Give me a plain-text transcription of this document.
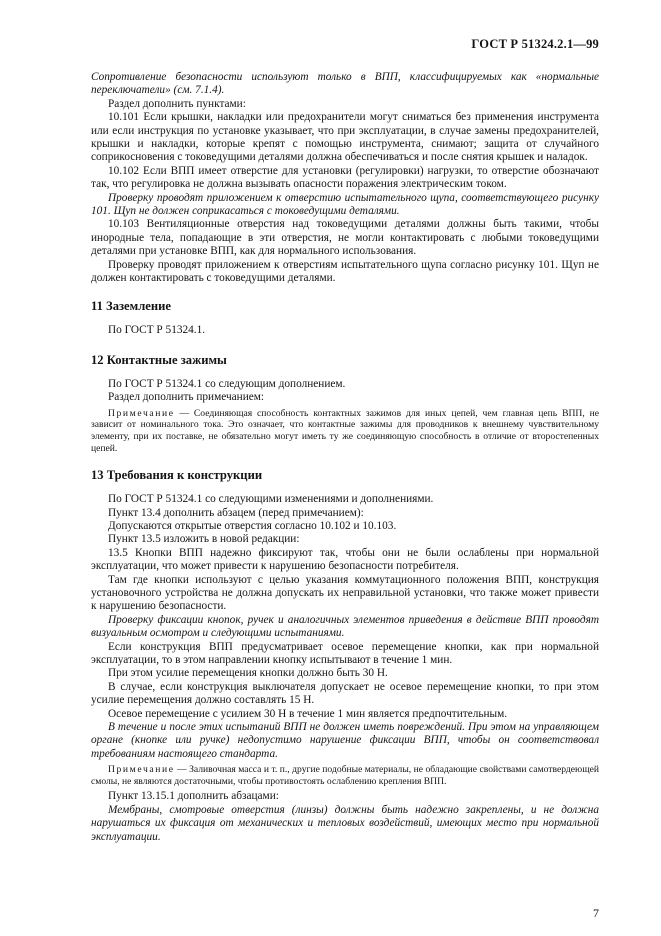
ГОСТ Р 51324.2.1—99

Сопротивление безопасности используют только в ВПП, классифицируемых как «нормальные переключатели» (см. 7.1.4).

Раздел дополнить пунктами:

10.101 Если крышки, накладки или предохранители могут сниматься без применения инструмента или если инструкция по установке указывает, что при эксплуатации, в случае замены предохранителей, крышки и накладки, которые крепят с помощью инструмента, снимают; защита от случайного соприкосновения с токоведущими деталями должна обеспечиваться и после снятия крышек и наладок.

10.102 Если ВПП имеет отверстие для установки (регулировки) нагрузки, то отверстие обозначают так, что регулировка не должна вызывать опасности поражения электрическим током.

Проверку проводят приложением к отверстию испытательного щупа, соответствующего рисунку 101. Щуп не должен соприкасаться с токоведущими деталями.

10.103 Вентиляционные отверстия над токоведущими деталями должны быть такими, чтобы инородные тела, попадающие в эти отверстия, не могли контактировать с любыми токоведущими деталями при установке ВПП, как для нормального использования.

Проверку проводят приложением к отверстиям испытательного щупа согласно рисунку 101. Щуп не должен контактировать с токоведущими деталями.

11 Заземление

По ГОСТ Р 51324.1.

12 Контактные зажимы

По ГОСТ Р 51324.1 со следующим дополнением.

Раздел дополнить примечанием:

Примечание — Соединяющая способность контактных зажимов для иных цепей, чем главная цепь ВПП, не зависит от номинального тока. Это означает, что контактные зажимы для проводников к внешнему чувствительному элементу, при их поставке, не обязательно могут иметь ту же соединяющую способность в отличие от второстепенных цепей.

13 Требования к конструкции

По ГОСТ Р 51324.1 со следующими изменениями и дополнениями.

Пункт 13.4 дополнить абзацем (перед примечанием):

Допускаются открытые отверстия согласно 10.102 и 10.103.

Пункт 13.5 изложить в новой редакции:

13.5 Кнопки ВПП надежно фиксируют так, чтобы они не были ослаблены при нормальной эксплуатации, что может привести к нарушению безопасности потребителя.

Там где кнопки используют с целью указания коммутационного положения ВПП, конструкция установочного устройства не должна допускать их неправильной установки, что также может привести к нарушению безопасности.

Проверку фиксации кнопок, ручек и аналогичных элементов приведения в действие ВПП проводят визуальным осмотром и следующими испытаниями.

Если конструкция ВПП предусматривает осевое перемещение кнопки, как при нормальной эксплуатации, то в этом направлении кнопку испытывают в течение 1 мин.

При этом усилие перемещения кнопки должно быть 30 Н.

В случае, если конструкция выключателя допускает не осевое перемещение кнопки, то при этом усилие перемещения должно составлять 15 Н.

Осевое перемещение с усилием 30 Н в течение 1 мин является предпочтительным.

В течение и после этих испытаний ВПП не должен иметь повреждений. При этом на управляющем органе (кнопке или ручке) недопустимо нарушение фиксации ВПП, чтобы он соответствовал требованиям настоящего стандарта.

Примечание — Заливочная масса и т. п., другие подобные материалы, не обладающие свойствами самотвердеющей смолы, не являются достаточными, чтобы противостоять ослаблению крепления ВПП.

Пункт 13.15.1 дополнить абзацами:

Мембраны, смотровые отверстия (линзы) должны быть надежно закреплены, и не должна нарушаться их фиксация от механических и тепловых воздействий, имеющих место при нормальной эксплуатации.

7
